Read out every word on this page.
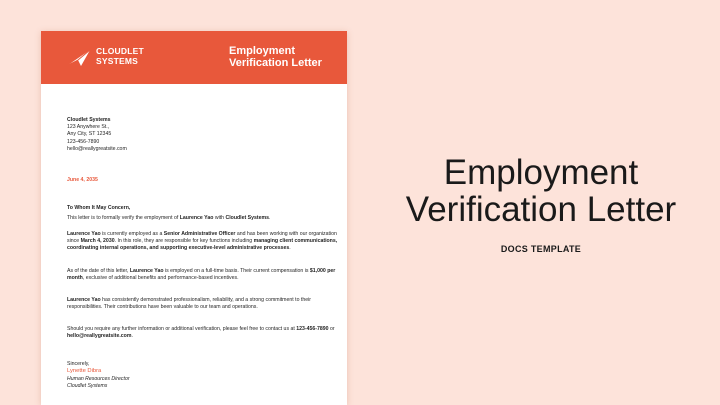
CLOUDLET
SYSTEMS
Employment
Verification Letter
Cloudlet Systems
123 Anywhere St.,
Any City, ST 12345
123-456-7890
hello@reallygreatsite.com
June 4, 2035
To Whom It May Concern,
This letter is to formally verify the employment of Laurence Yao with Cloudlet Systems.
Laurence Yao is currently employed as a Senior Administrative Officer and has been working with our organization since March 4, 2030. In this role, they are responsible for key functions including managing client communications, coordinating internal operations, and supporting executive-level administrative processes.
As of the date of this letter, Laurence Yao is employed on a full-time basis. Their current compensation is $1,000 per month, exclusive of additional benefits and performance-based incentives.
Laurence Yao has consistently demonstrated professionalism, reliability, and a strong commitment to their responsibilities. Their contributions have been valuable to our team and operations.
Should you require any further information or additional verification, please feel free to contact us at 123-456-7890 or hello@reallygreatsite.com.
Sincerely,
Lynette Dibra
Human Resources Director
Cloudlet Systems
Employment
Verification Letter
DOCS TEMPLATE
